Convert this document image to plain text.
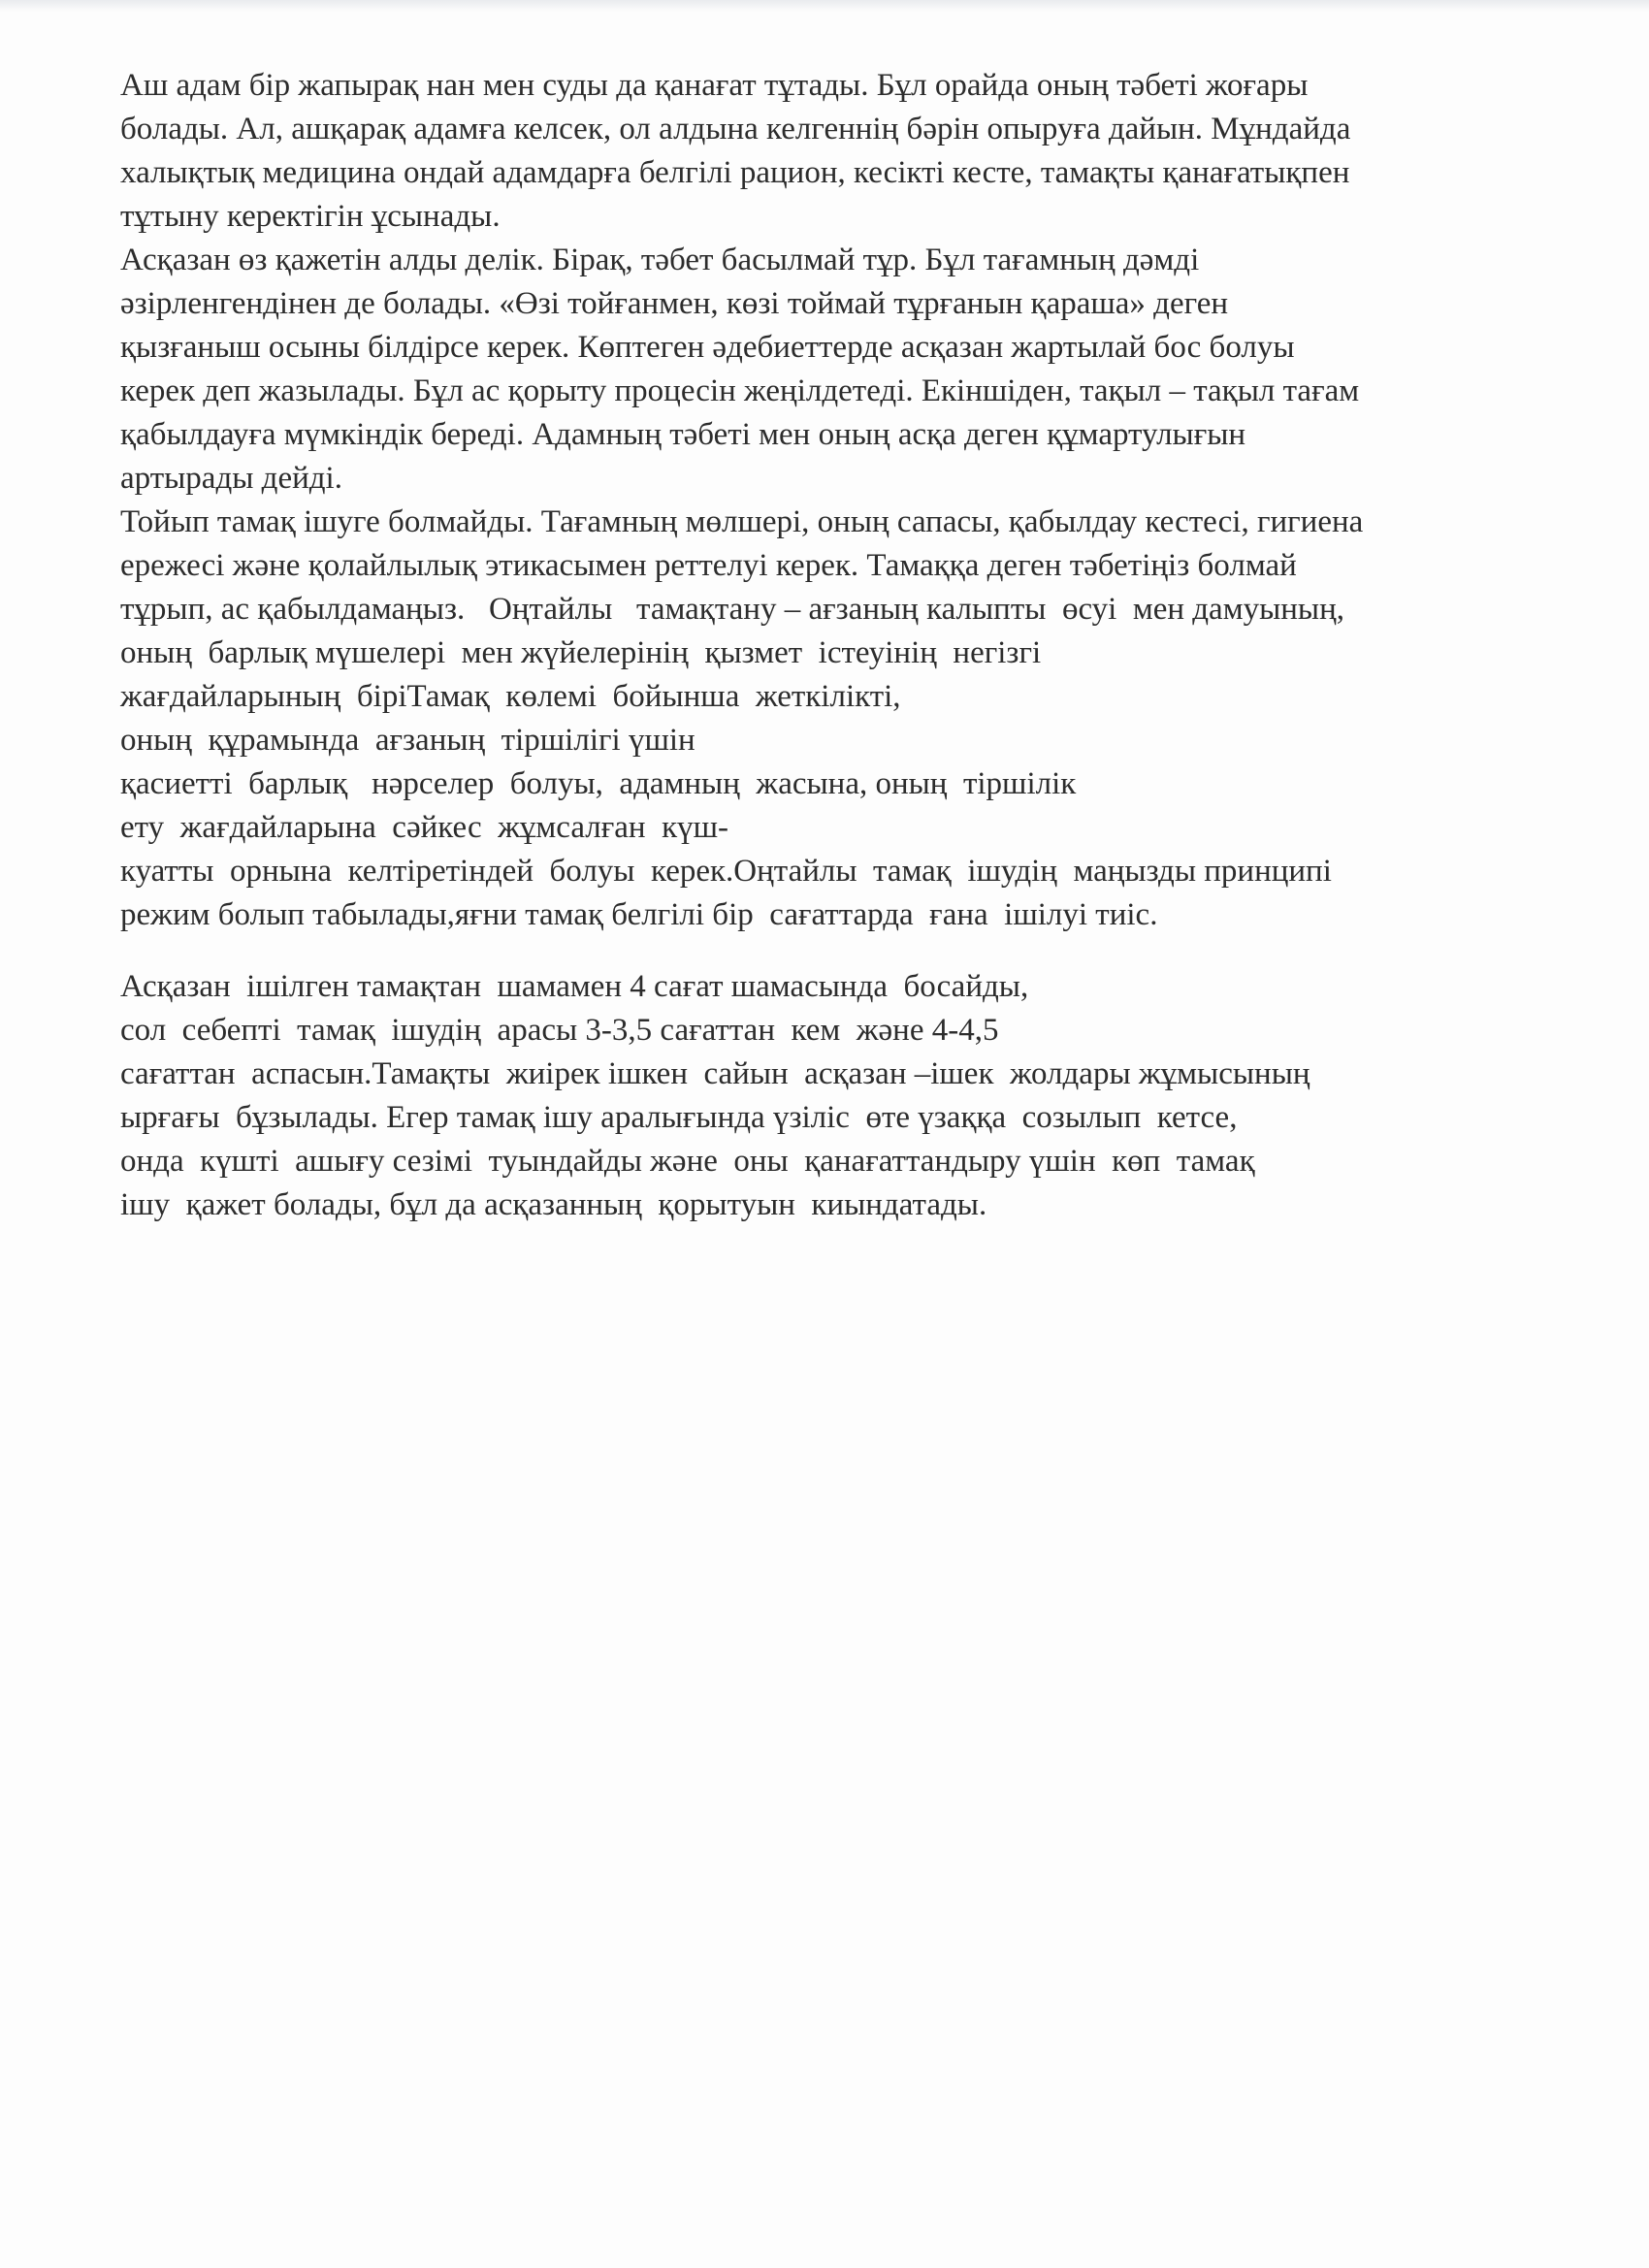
Аш адам бір жапырақ нан мен суды да қанағат тұтады. Бұл орайда оның тәбеті жоғары
болады. Ал, ашқарақ адамға келсек, ол алдына келгеннің бәрін опыруға дайын. Мұндайда
халықтық медицина ондай адамдарға белгілі рацион, кесікті кесте, тамақты қанағатықпен
тұтыну керектігін ұсынады.
Асқазан өз қажетін алды делік. Бірақ, тәбет басылмай тұр. Бұл тағамның дәмді
әзірленгендінен де болады. «Өзі тойғанмен, көзі тоймай тұрғанын қараша» деген
қызғаныш осыны білдірсе керек. Көптеген әдебиеттерде асқазан жартылай бос болуы
керек деп жазылады. Бұл ас қорыту процесін жеңілдетеді. Екіншіден, тақыл – тақыл тағам
қабылдауға мүмкіндік береді. Адамның тәбеті мен оның асқа деген құмартулығын
артырады дейді.
Тойып тамақ ішуге болмайды. Тағамның мөлшері, оның сапасы, қабылдау кестесі, гигиена
ережесі және қолайлылық этикасымен реттелуі керек. Тамаққа деген тәбетіңіз болмай
тұрып, ас қабылдамаңыз.   Оңтайлы   тамақтану – ағзаның калыпты  өсуі  мен дамуының,
оның  барлық мүшелері  мен жүйелерінің  қызмет  істеуінің  негізгі
жағдайларының  біріТамақ  көлемі  бойынша  жеткілікті,
оның  құрамында  ағзаның  тіршілігі үшін
қасиетті  барлық   нәрселер  болуы,  адамның  жасына, оның  тіршілік
ету  жағдайларына  сәйкес  жұмсалған  күш-
куатты  орнына  келтіретіндей  болуы  керек.Оңтайлы  тамақ  ішудің  маңызды принципі
режим болып табылады,яғни тамақ белгілі бір  сағаттарда  ғана  ішілуі тиіс.
Асқазан  ішілген тамақтан  шамамен 4 сағат шамасында  босайды,
сол  себепті  тамақ  ішудің  арасы 3-3,5 сағаттан  кем  және 4-4,5
сағаттан  аспасын.Тамақты  жиірек ішкен  сайын  асқазан –ішек  жолдары жұмысының
ырғағы  бұзылады. Егер тамақ ішу аралығында үзіліс  өте үзаққа  созылып  кетсе,
онда  күшті  ашығу сезімі  туындайды және  оны  қанағаттандыру үшін  көп  тамақ
ішу  қажет болады, бұл да асқазанның  қорытуын  киындатады.
